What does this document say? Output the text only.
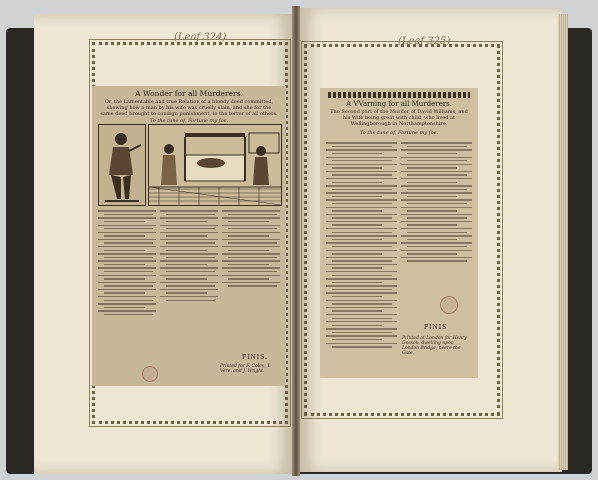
(Leaf 324)
A Wonder for all Murderers.
Or, the Lamentable and true Relation of a bloody deed committed, shewing how a man by his wife was cruelly slain, and she for the same deed brought to condign punishment, to the terror of all others.
To the tune of, Fortune my foe.
FINIS.
Printed for F. Coles, T. Vere, and J. Wright.
(Leaf 325)
A VVarning for all Murderers.
The Second part of the Murder of David Williams, and his Wife being great with child, who lived at Wellingborough in Northamptonshire.
To the tune of, Fortune my foe.
FINIS
Printed at London for Henry Gosson, dwelling upon London Bridge, neere the Gate.
